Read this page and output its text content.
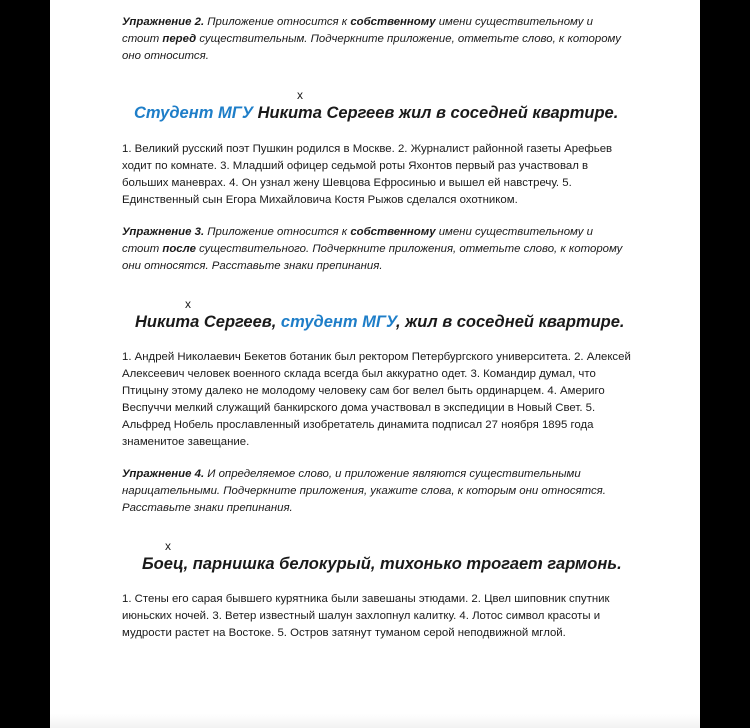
Упражнение 2. Приложение относится к собственному имени существительному и стоит перед существительным. Подчеркните приложение, отметьте слово, к которому оно относится.

х

Студент МГУ Никита Сергеев жил в соседней квартире.

1. Великий русский поэт Пушкин родился в Москве. 2. Журналист районной газеты Арефьев ходит по комнате. 3. Младший офицер седьмой роты Яхонтов первый раз участвовал в больших маневрах. 4. Он узнал жену Шевцова Ефросинью и вышел ей навстречу. 5. Единственный сын Егора Михайловича Костя Рыжов сделался охотником.

Упражнение 3. Приложение относится к собственному имени существительному и стоит после существительного. Подчеркните приложения, отметьте слово, к которому они относятся. Расставьте знаки препинания.

х

Никита Сергеев, студент МГУ, жил в соседней квартире.

1. Андрей Николаевич Бекетов ботаник был ректором Петербургского университета. 2. Алексей Алексеевич человек военного склада всегда был аккуратно одет. 3. Командир думал, что Птицыну этому далеко не молодому человеку сам бог велел быть ординарцем. 4. Америго Веспуччи мелкий служащий банкирского дома участвовал в экспедиции в Новый Свет. 5. Альфред Нобель прославленный изобретатель динамита подписал 27 ноября 1895 года знаменитое завещание.

Упражнение 4. И определяемое слово, и приложение являются существительными нарицательными. Подчеркните приложения, укажите слова, к которым они относятся. Расставьте знаки препинания.

х

Боец, парнишка белокурый, тихонько трогает гармонь.

1. Стены его сарая бывшего курятника были завешаны этюдами. 2. Цвел шиповник спутник июньских ночей. 3. Ветер известный шалун захлопнул калитку. 4. Лотос символ красоты и мудрости растет на Востоке. 5. Остров затянут туманом серой неподвижной мглой.
